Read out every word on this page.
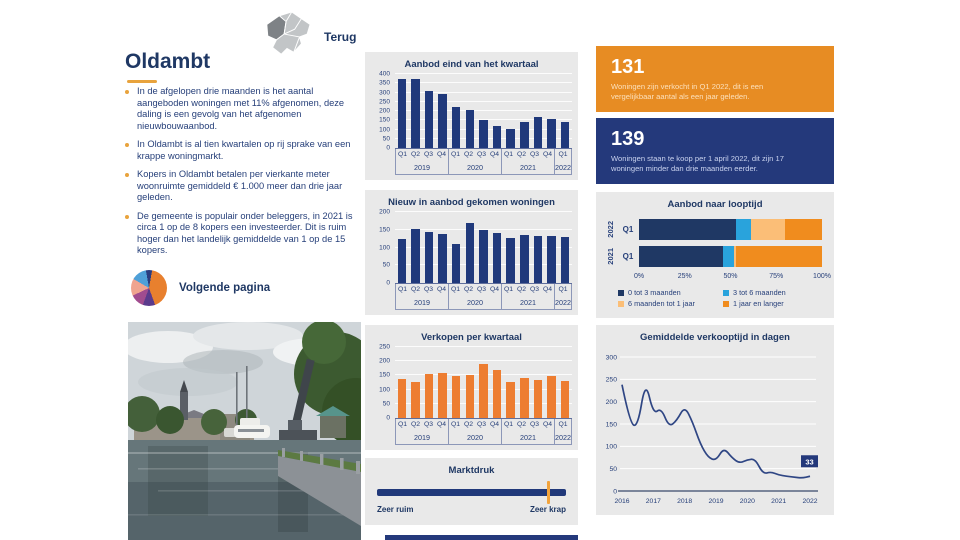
Terug
Oldambt
In de afgelopen drie maanden is het aantal aangeboden woningen met 11% afgenomen, deze daling is een gevolg van het afgenomen nieuwbouwaanbod.
In Oldambt is al tien kwartalen op rij sprake van een krappe woningmarkt.
Kopers in Oldambt betalen per vierkante meter woonruimte gemiddeld € 1.000 meer dan drie jaar geleden.
De gemeente is populair onder beleggers, in 2021 is circa 1 op de 8 kopers een investeerder. Dit is ruim hoger dan het landelijk gemiddelde van 1 op de 15 kopers.
Volgende pagina
Aanbod eind van het kwartaal
0
50
100
150
200
250
300
350
400
Q1 Q2 Q3 Q4
2019
Q1 Q2 Q3 Q4
2020
Q1 Q2 Q3 Q4
2021
Q1
2022
Nieuw in aanbod gekomen woningen
0
50
100
150
200
Q1 Q2 Q3 Q4
2019
Q1 Q2 Q3 Q4
2020
Q1 Q2 Q3 Q4
2021
Q1
2022
Verkopen per kwartaal
0
50
100
150
200
250
Q1 Q2 Q3 Q4
2019
Q1 Q2 Q3 Q4
2020
Q1 Q2 Q3 Q4
2021
Q1
2022
Marktdruk
Zeer ruim	Zeer krap
131

Woningen zijn verkocht in Q1 2022, dit is een vergelijkbaar aantal als een jaar geleden.

139

Woningen staan te koop per 1 april 2022, dit zijn 17 woningen minder dan drie maanden eerder.

Aanbod naar looptijd
2022 Q1
2021 Q1
0%	25%	50%	75%	100%
0 tot 3 maanden	3 tot 6 maanden
6 maanden tot 1 jaar	1 jaar en langer
Gemiddelde verkooptijd in dagen
0
50
100
150
200
250
300
2016 2017 2018 2019 2020 2021 2022
33
